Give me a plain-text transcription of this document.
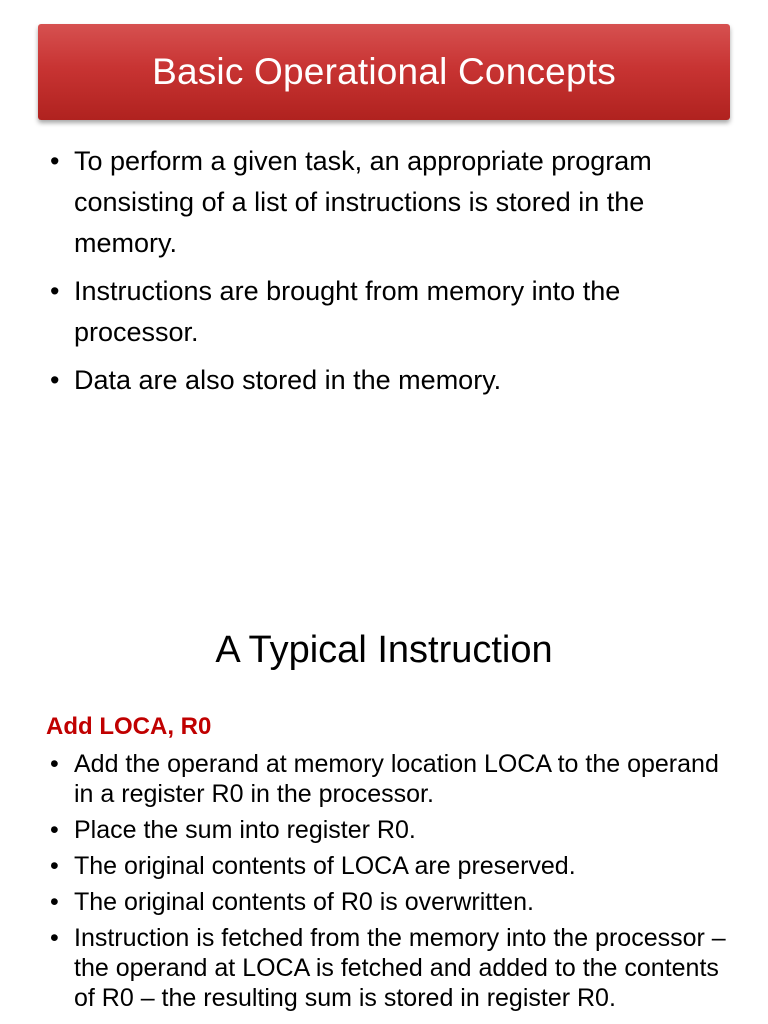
Basic Operational Concepts
• To perform a given task, an appropriate program consisting of a list of instructions is stored in the memory.
• Instructions are brought from memory into the processor.
• Data are also stored in the memory.
A Typical Instruction

Add LOCA, R0

• Add the operand at memory location LOCA to the operand in a register R0 in the processor.
• Place the sum into register R0.
• The original contents of LOCA are preserved.
• The original contents of R0 is overwritten.
• Instruction is fetched from the memory into the processor – the operand at LOCA is fetched and added to the contents of R0 – the resulting sum is stored in register R0.
